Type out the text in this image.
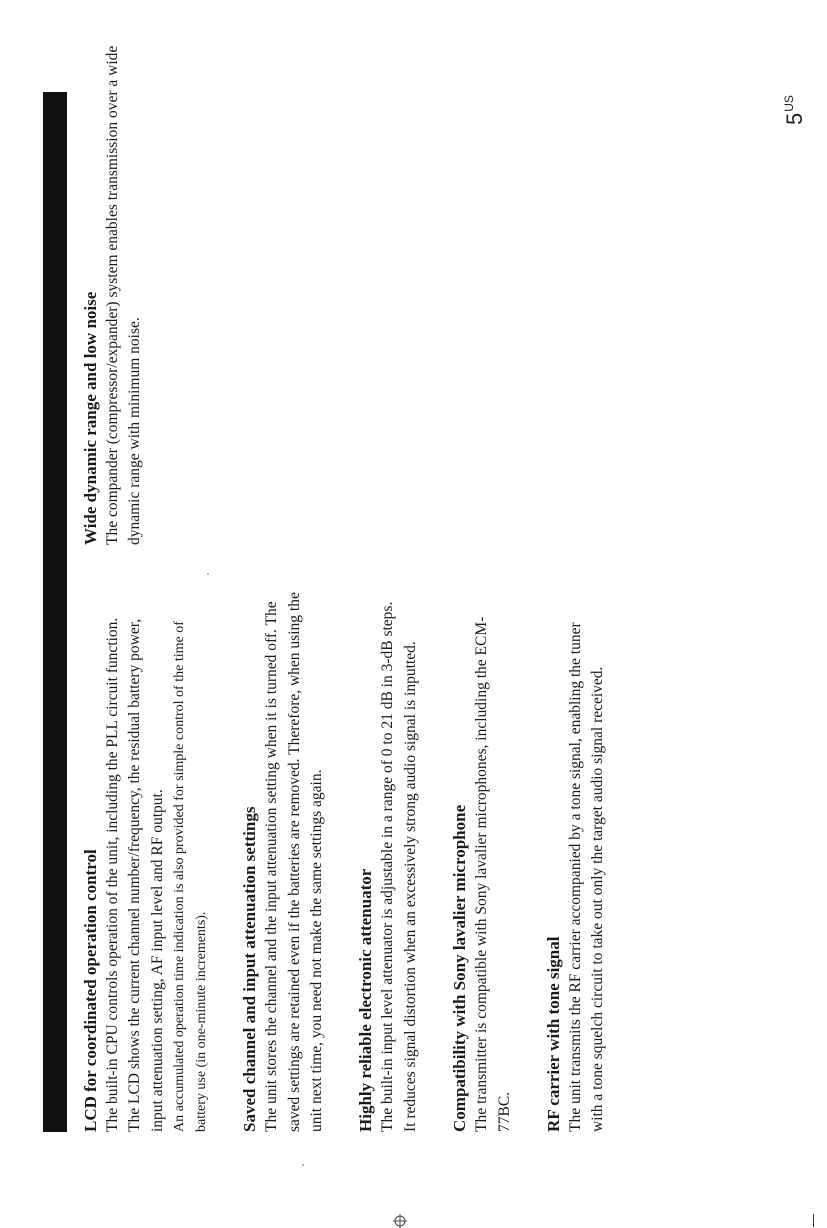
LCD for coordinated operation control The built-in CPU controls operation of the unit, including the PLL circuit function. The LCD shows the current channel number/frequency, the residual battery power, input attenuation setting, AF input level and RF output. An accumulated operation time indication is also provided for simple control of the time of battery use (in one-minute increments). Saved channel and input attenuation settings The unit stores the channel and the input attenuation setting when it is turned off. The saved settings are retained even if the batteries are removed. Therefore, when using the unit next time, you need not make the same settings again. Highly reliable electronic attenuator The built-in input level attenuator is adjustable in a range of 0 to 21 dB in 3-dB steps. It reduces signal distortion when an excessively strong audio signal is inputted. Compatibility with Sony lavalier microphone The transmitter is compatible with Sony lavalier microphones, including the ECM-77BC. RF carrier with tone signal The unit transmits the RF carrier accompanied by a tone signal, enabling the tuner with a tone squelch circuit to take out only the target audio signal received.

Wide dynamic range and low noise The compander (compressor/expander) system enables transmission over a wide dynamic range with minimum noise.

$5^{US}$
